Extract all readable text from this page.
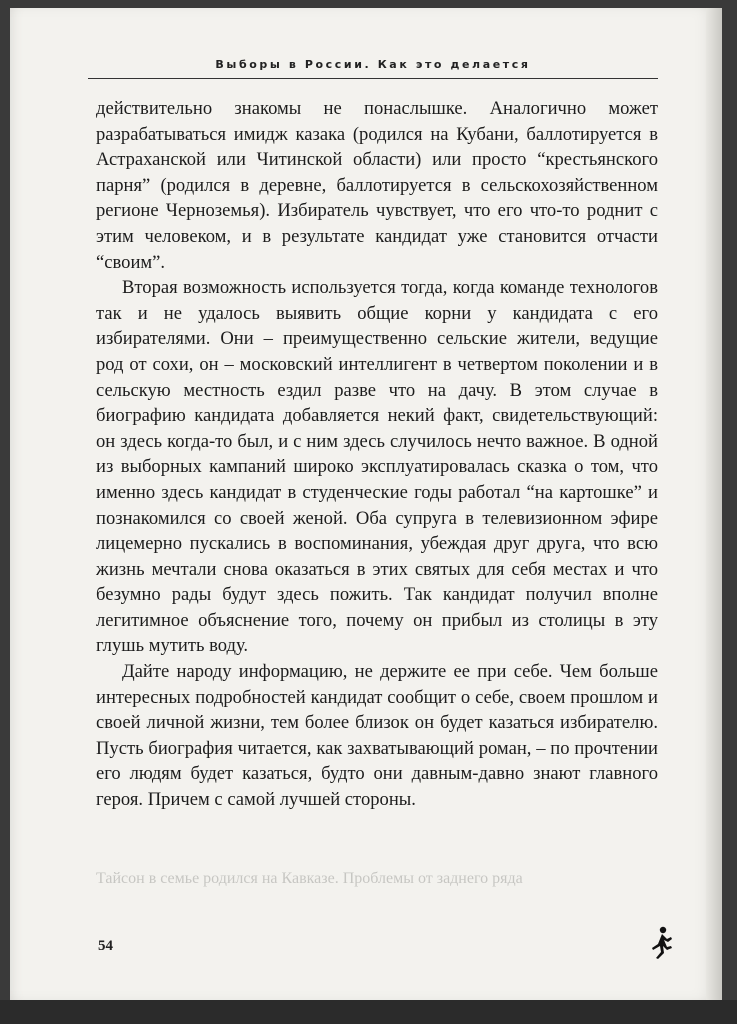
Выборы в России. Как это делается

действительно знакомы не понаслышке. Аналогично может разрабатываться имидж казака (родился на Кубани, баллотируется в Астраханской или Читинской области) или просто “крестьянского парня” (родился в деревне, баллотируется в сельскохозяйственном регионе Черноземья). Избиратель чувствует, что его что-то роднит с этим человеком, и в результате кандидат уже становится отчасти “своим”.

Вторая возможность используется тогда, когда команде технологов так и не удалось выявить общие корни у кандидата с его избирателями. Они – преимущественно сельские жители, ведущие род от сохи, он – московский интеллигент в четвертом поколении и в сельскую местность ездил разве что на дачу. В этом случае в биографию кандидата добавляется некий факт, свидетельствующий: он здесь когда-то был, и с ним здесь случилось нечто важное. В одной из выборных кампаний широко эксплуатировалась сказка о том, что именно здесь кандидат в студенческие годы работал “на картошке” и познакомился со своей женой. Оба супруга в телевизионном эфире лицемерно пускались в воспоминания, убеждая друг друга, что всю жизнь мечтали снова оказаться в этих святых для себя местах и что безумно рады будут здесь пожить. Так кандидат получил вполне легитимное объяснение того, почему он прибыл из столицы в эту глушь мутить воду.

Дайте народу информацию, не держите ее при себе. Чем больше интересных подробностей кандидат сообщит о себе, своем прошлом и своей личной жизни, тем более близок он будет казаться избирателю. Пусть биография читается, как захватывающий роман, – по прочтении его людям будет казаться, будто они давным-давно знают главного героя. Причем с самой лучшей стороны.

Тайсон в семье родился на Кавказе. Проблемы от заднего ряда
54
